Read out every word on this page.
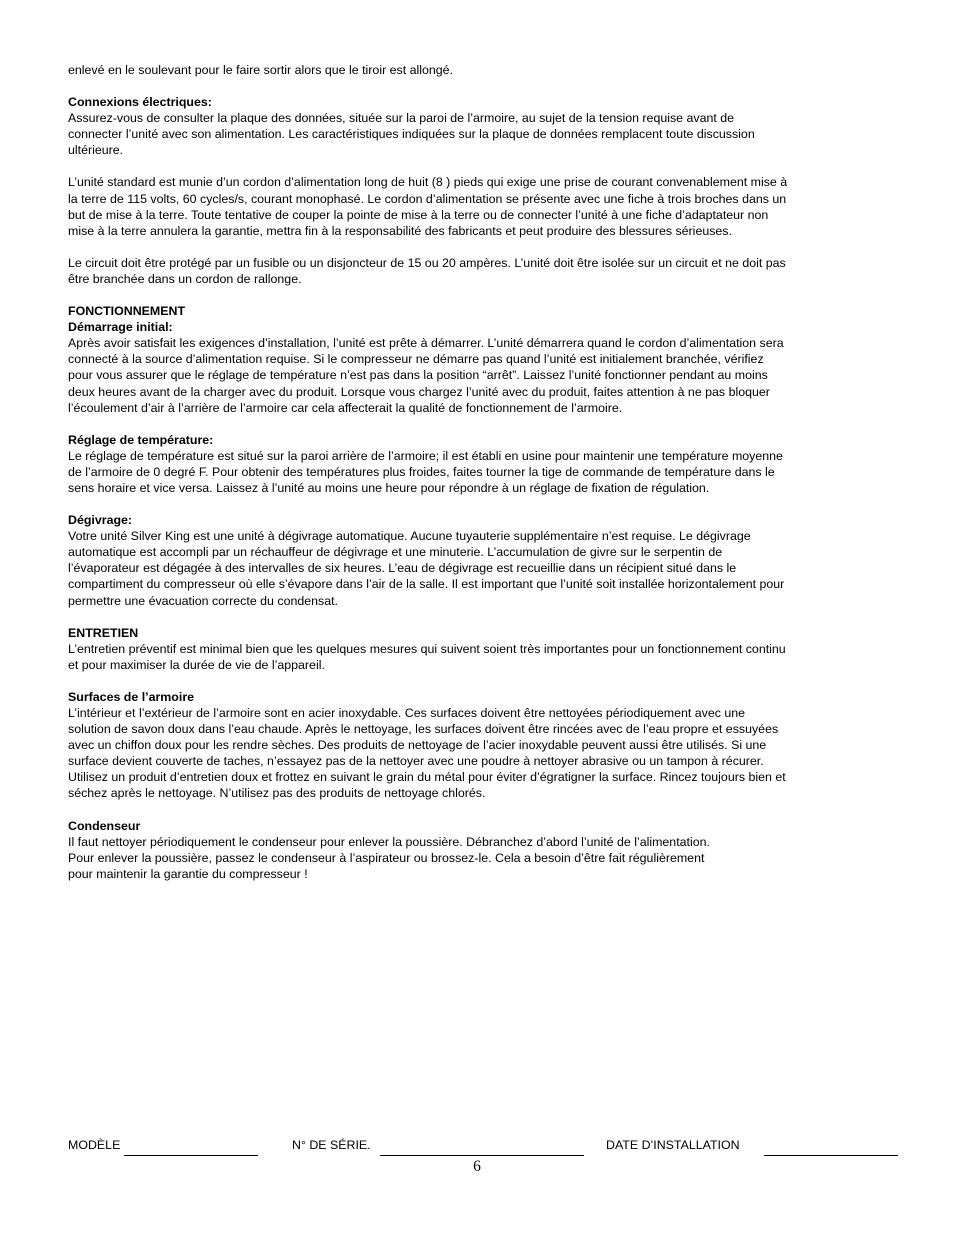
enlevé en le soulevant pour le faire sortir alors que le tiroir est allongé.
Connexions électriques:
Assurez-vous de consulter la plaque des données, située sur la paroi de l’armoire, au sujet de la tension requise avant de
connecter l’unité avec son alimentation. Les caractéristiques indiquées sur la plaque de données remplacent toute discussion
ultérieure.
L’unité standard est munie d’un cordon d’alimentation long de huit (8 ) pieds qui exige une prise de courant convenablement mise à
la terre de 115 volts, 60 cycles/s, courant monophasé. Le cordon d’alimentation se présente avec une fiche à trois broches dans un
but de mise à la terre. Toute tentative de couper la pointe de mise à la terre ou de connecter l’unité à une fiche d’adaptateur non
mise à la terre annulera la garantie, mettra fin à la responsabilité des fabricants et peut produire des blessures sérieuses.
Le circuit doit être protégé par un fusible ou un disjoncteur de 15 ou 20 ampères. L’unité doit être isolée sur un circuit et ne doit pas
être branchée dans un cordon de rallonge.
FONCTIONNEMENT
Démarrage initial:
Après avoir satisfait les exigences d’installation, l’unité est prête à démarrer. L’unité démarrera quand le cordon d’alimentation sera
connecté à la source d’alimentation requise. Si le compresseur ne démarre pas quand l’unité est initialement branchée, vérifiez
pour vous assurer que le réglage de température n’est pas dans la position “arrêt”. Laissez l’unité fonctionner pendant au moins
deux heures avant de la charger avec du produit. Lorsque vous chargez l’unité avec du produit, faites attention à ne pas bloquer
l’écoulement d’air à l’arrière de l’armoire car cela affecterait la qualité de fonctionnement de l’armoire.
Réglage de température:
Le réglage de température est situé sur la paroi arrière de l’armoire; il est établi en usine pour maintenir une température moyenne
de l’armoire de 0 degré F. Pour obtenir des températures plus froides, faites tourner la tige de commande de température dans le
sens horaire et vice versa. Laissez à l’unité au moins une heure pour répondre à un réglage de fixation de régulation.
Dégivrage:
Votre unité Silver King est une unité à dégivrage automatique. Aucune tuyauterie supplémentaire n’est requise. Le dégivrage
automatique est accompli par un réchauffeur de dégivrage et une minuterie. L’accumulation de givre sur le serpentin de
l’évaporateur est dégagée à des intervalles de six heures. L’eau de dégivrage est recueillie dans un récipient situé dans le
compartiment du compresseur où elle s’évapore dans l’air de la salle. Il est important que l’unité soit installée horizontalement pour
permettre une évacuation correcte du condensat.
ENTRETIEN
L’entretien préventif est minimal bien que les quelques mesures qui suivent soient très importantes pour un fonctionnement continu
et pour maximiser la durée de vie de l’appareil.
Surfaces de l’armoire
L’intérieur et l’extérieur de l’armoire sont en acier inoxydable. Ces surfaces doivent être nettoyées périodiquement avec une
solution de savon doux dans l’eau chaude. Après le nettoyage, les surfaces doivent être rincées avec de l’eau propre et essuyées
avec un chiffon doux pour les rendre sèches. Des produits de nettoyage de l’acier inoxydable peuvent aussi être utilisés. Si une
surface devient couverte de taches, n’essayez pas de la nettoyer avec une poudre à nettoyer abrasive ou un tampon à récurer.
Utilisez un produit d’entretien doux et frottez en suivant le grain du métal pour éviter d’égratigner la surface. Rincez toujours bien et
séchez après le nettoyage. N’utilisez pas des produits de nettoyage chlorés.
Condenseur
Il faut nettoyer périodiquement le condenseur pour enlever la poussière. Débranchez d’abord l’unité de l’alimentation.
Pour enlever la poussière, passez le condenseur à l’aspirateur ou brossez-le. Cela a besoin d’être fait régulièrement
pour maintenir la garantie du compresseur !
MODÈLE	N° DE SÉRIE.	DATE D’INSTALLATION
6
